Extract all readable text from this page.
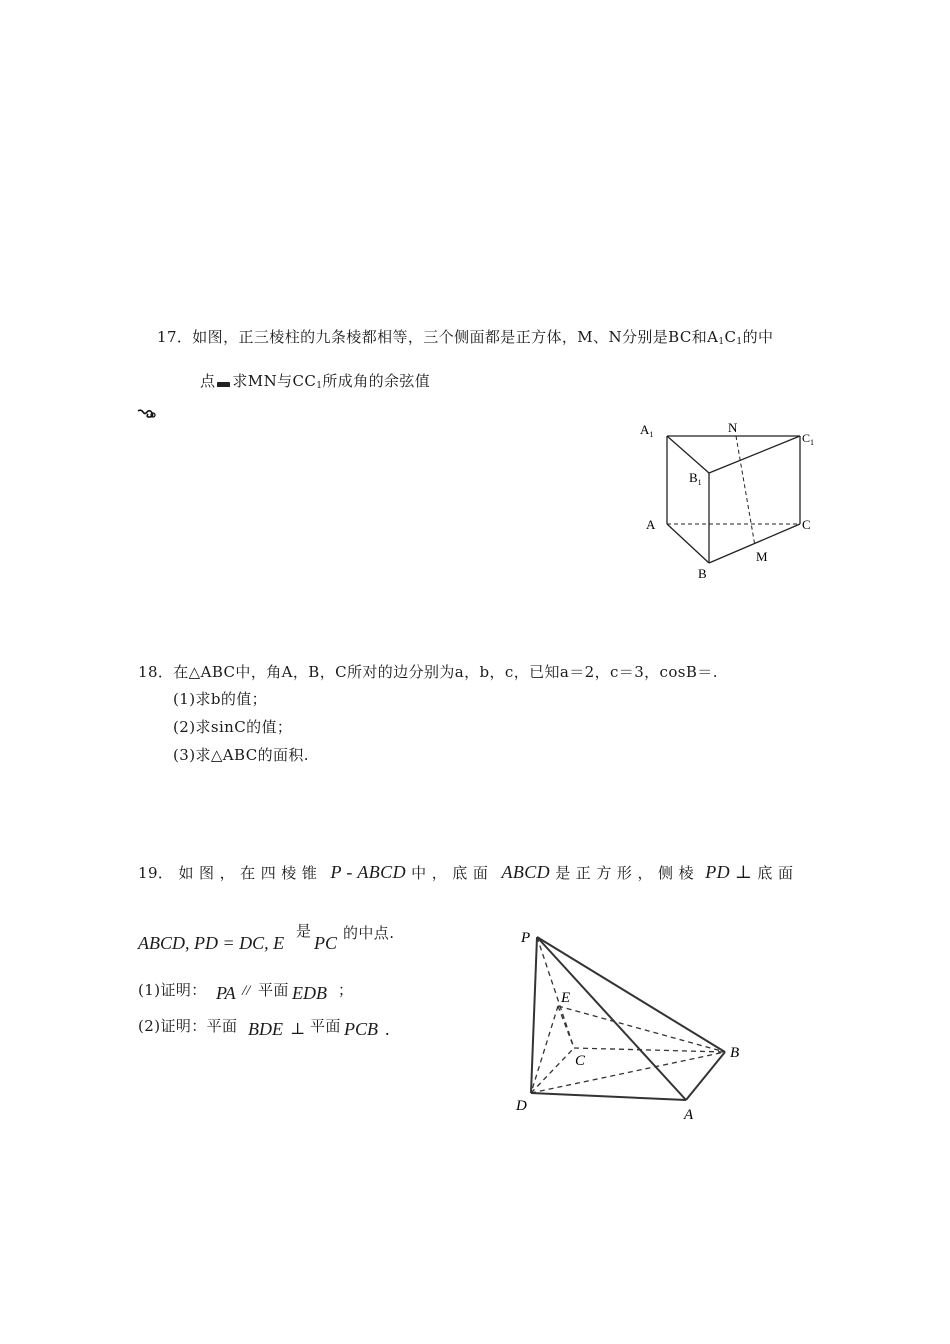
17．如图，正三棱柱的九条棱都相等，三个侧面都是正方体，M、N分别是BC和$A_1C_1$的中
点 求MN与$CC_1$所成角的余弦值
$A_1$	N
$C_1$
$B_1$
A	C
M
B
18．在△ABC中，角A，B，C所对的边分别为a，b，c，已知a＝2，c＝3，cosB＝.
(1)求b的值；
(2)求sinC的值；
(3)求△ABC的面积.
19． 如 图 ， 在 四 棱 锥 P - ABCD 中 ， 底 面 ABCD 是 正 方 形 ， 侧 棱 PD ⊥ 底 面
ABCD, PD = DC, E
是
PC 的中点.
(1)证明： PA // 平面 EDB ；
(2)证明：平面 BDE ⊥ 平面 PCB .
P
E
C	B
D
A
